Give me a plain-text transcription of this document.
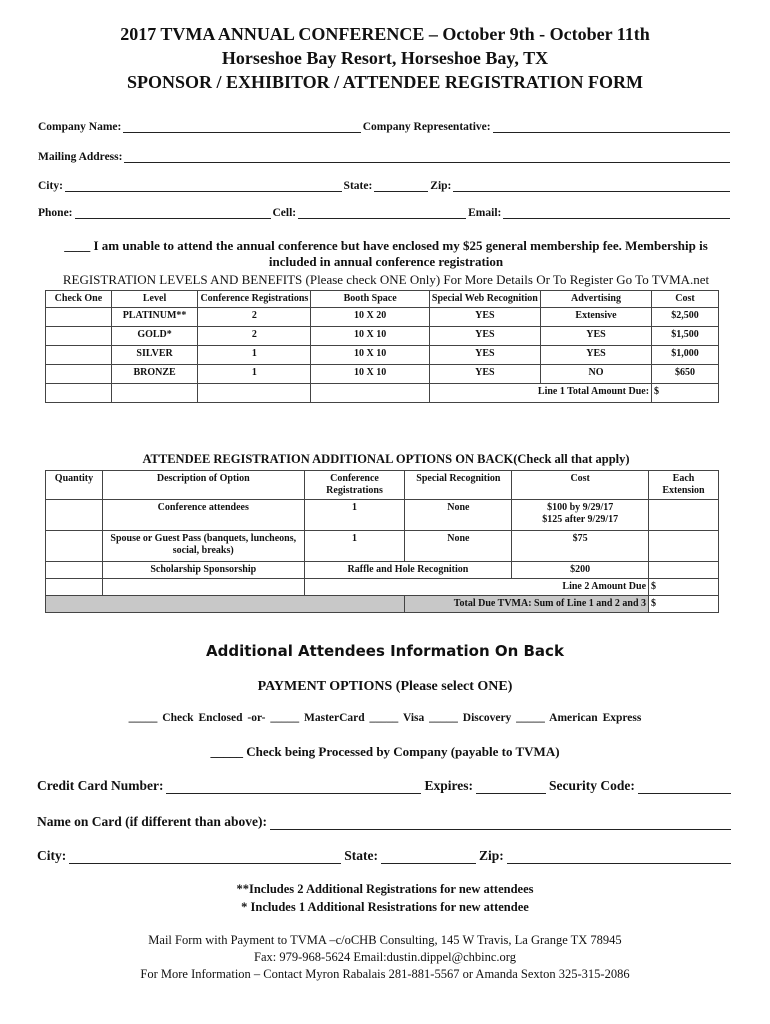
2017 TVMA ANNUAL CONFERENCE – October 9th - October 11th
Horseshoe Bay Resort, Horseshoe Bay, TX
SPONSOR / EXHIBITOR / ATTENDEE REGISTRATION FORM
Company Name:	Company Representative:
Mailing Address:
City:	State:	Zip:
Phone:	Cell:	Email:
____ I am unable to attend the annual conference but have enclosed my $25 general membership fee. Membership is included in annual conference registration
REGISTRATION LEVELS AND BENEFITS (Please check ONE Only) For More Details Or To Register Go To TVMA.net
Check One	Level	Conference Registrations	Booth Space	Special Web Recognition	Advertising	Cost
	PLATINUM**	2	10 X 20	YES	Extensive	$2,500
	GOLD*	2	10 X 10	YES	YES	$1,500
	SILVER	1	10 X 10	YES	YES	$1,000
	BRONZE	1	10 X 10	YES	NO	$650
				Line 1 Total Amount Due:		$
ATTENDEE REGISTRATION ADDITIONAL OPTIONS ON BACK(Check all that apply)
Quantity	Description of Option	Conference Registrations	Special Recognition	Cost	Each Extension
	Conference attendees	1	None	$100 by 9/29/17
$125 after 9/29/17	
	Spouse or Guest Pass (banquets, luncheons, social, breaks)	1	None	$75	
	Scholarship Sponsorship	Raffle and Hole Recognition		$200	
		Line 2 Amount Due			$
			Total Due TVMA: Sum of Line 1 and 2 and 3		$
Additional Attendees Information On Back
PAYMENT OPTIONS (Please select ONE)
_____ Check Enclosed -or- _____ MasterCard _____ Visa _____ Discovery _____ American Express
_____ Check being Processed by Company (payable to TVMA)
Credit Card Number:	Expires:	Security Code:
Name on Card (if different than above):
City:	State:	Zip:
**Includes 2 Additional Registrations for new attendees
* Includes 1 Additional Resistrations for new attendee
Mail Form with Payment to TVMA –c/oCHB Consulting, 145 W Travis, La Grange TX 78945
Fax: 979-968-5624 Email:dustin.dippel@chbinc.org
For More Information – Contact Myron Rabalais 281-881-5567 or Amanda Sexton 325-315-2086
